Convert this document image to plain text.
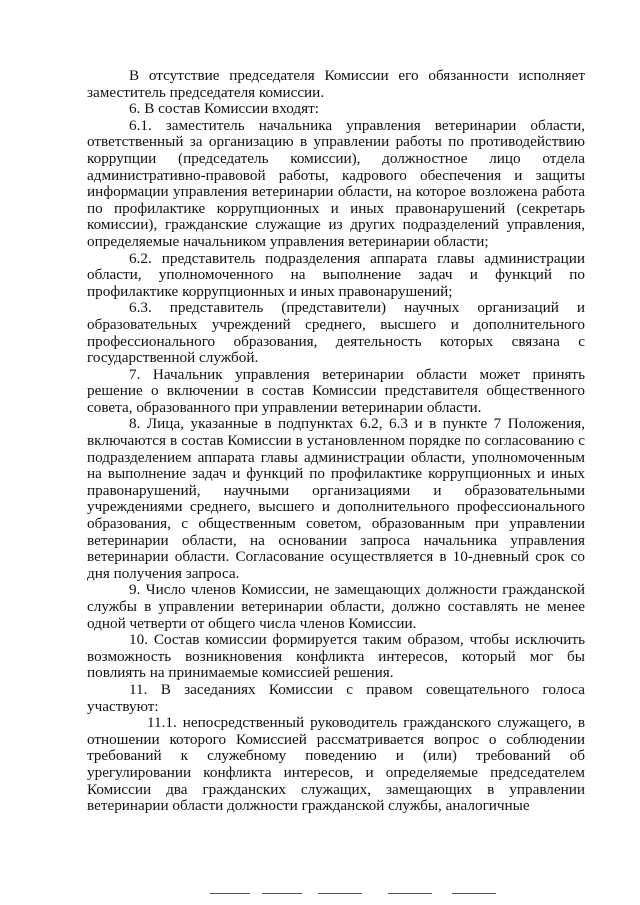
В отсутствие председателя Комиссии его обязанности исполняет заместитель председателя комиссии.

6. В состав Комиссии входят:

6.1. заместитель начальника управления ветеринарии области, ответственный за организацию в управлении работы по противодействию коррупции (председатель комиссии), должностное лицо отдела административно-правовой работы, кадрового обеспечения и защиты информации управления ветеринарии области, на которое возложена работа по профилактике коррупционных и иных правонарушений (секретарь комиссии), гражданские служащие из других подразделений управления, определяемые начальником управления ветеринарии области;

6.2. представитель подразделения аппарата главы администрации области, уполномоченного на выполнение задач и функций по профилактике коррупционных и иных правонарушений;

6.3. представитель (представители) научных организаций и образовательных учреждений среднего, высшего и дополнительного профессионального образования, деятельность которых связана с государственной службой.

7. Начальник управления ветеринарии области может принять решение о включении в состав Комиссии представителя общественного совета, образованного при управлении ветеринарии области.

8. Лица, указанные в подпунктах 6.2, 6.3 и в пункте 7 Положения, включаются в состав Комиссии в установленном порядке по согласованию с подразделением аппарата главы администрации области, уполномоченным на выполнение задач и функций по профилактике коррупционных и иных правонарушений, научными организациями и образовательными учреждениями среднего, высшего и дополнительного профессионального образования, с общественным советом, образованным при управлении ветеринарии области, на основании запроса начальника управления ветеринарии области. Согласование осуществляется в 10-дневный срок со дня получения запроса.

9. Число членов Комиссии, не замещающих должности гражданской службы в управлении ветеринарии области, должно составлять не менее одной четверти от общего числа членов Комиссии.

10. Состав комиссии формируется таким образом, чтобы исключить возможность возникновения конфликта интересов, который мог бы повлиять на принимаемые комиссией решения.

11. В заседаниях Комиссии с правом совещательного голоса участвуют:

11.1. непосредственный руководитель гражданского служащего, в отношении которого Комиссией рассматривается вопрос о соблюдении требований к служебному поведению и (или) требований об урегулировании конфликта интересов, и определяемые председателем Комиссии два гражданских служащих, замещающих в управлении ветеринарии области должности гражданской службы, аналогичные
